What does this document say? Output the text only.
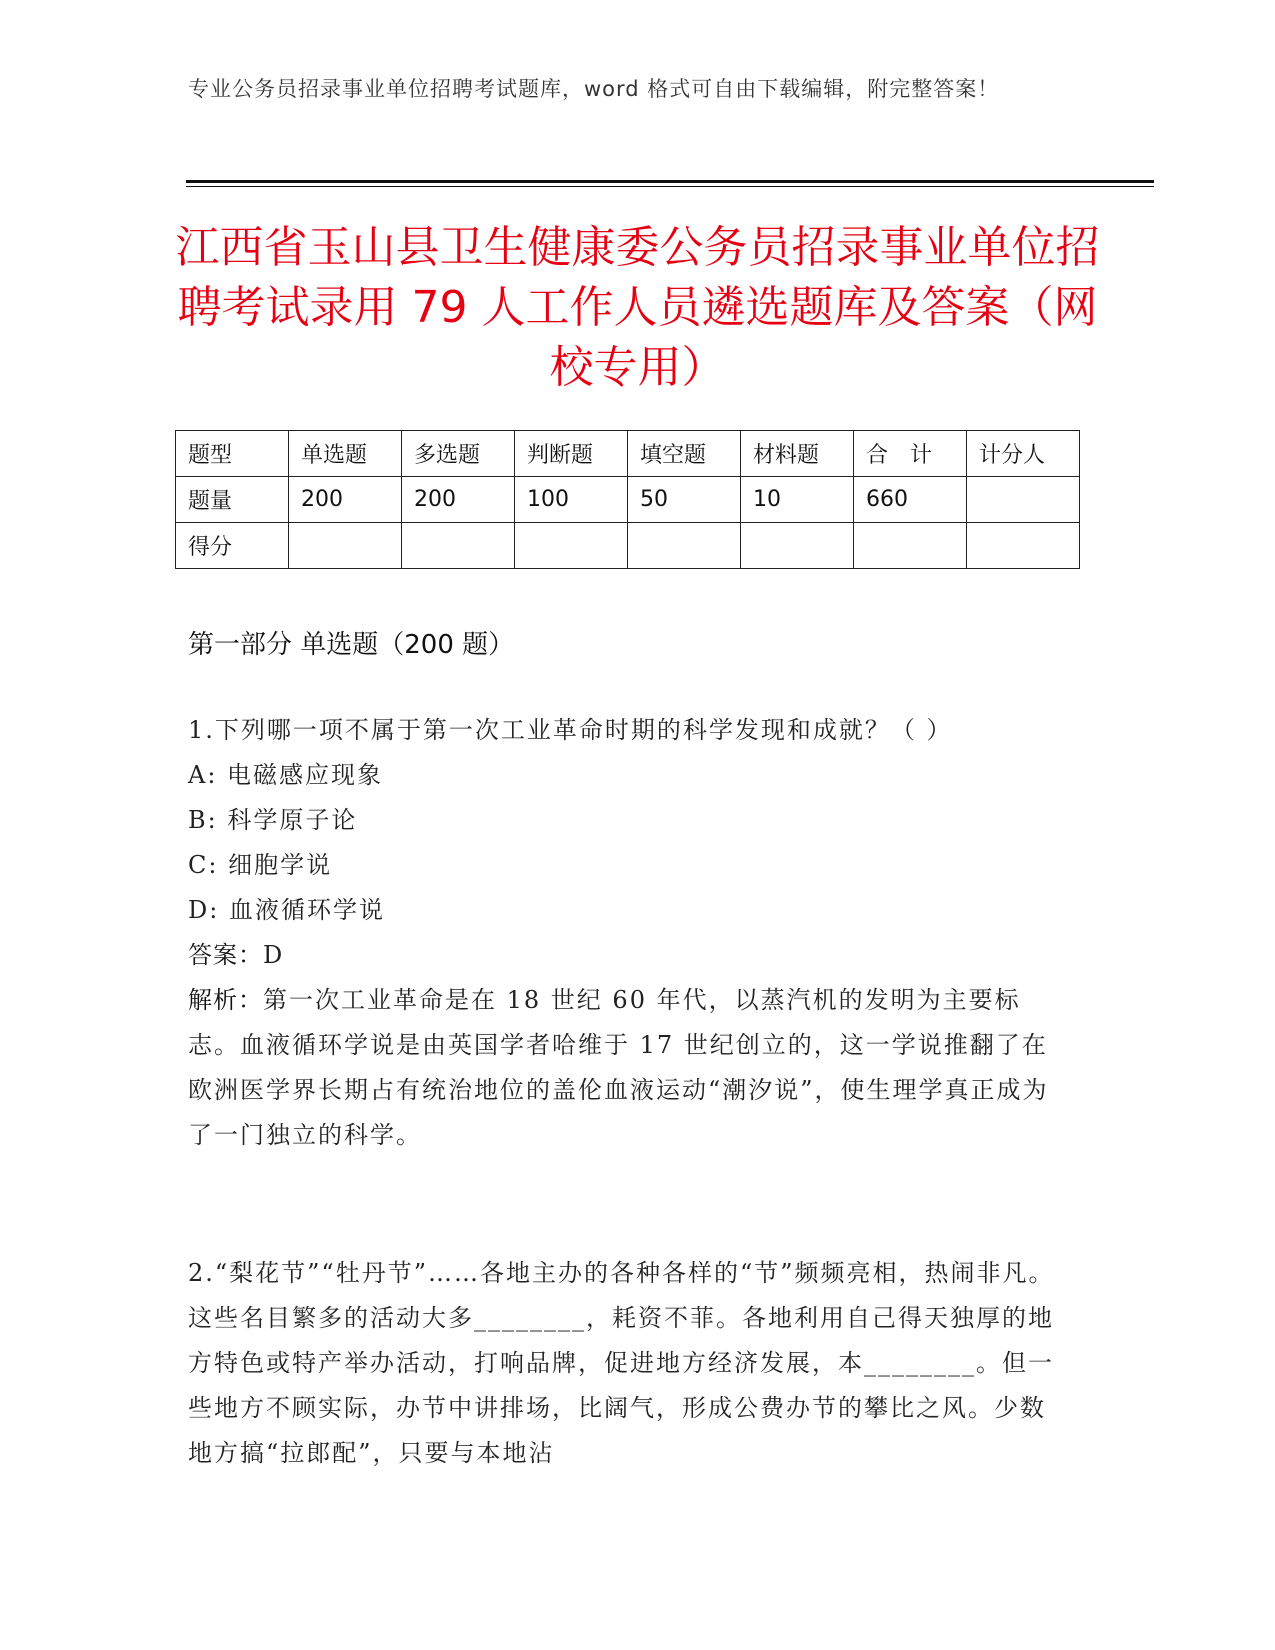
专业公务员招录事业单位招聘考试题库，word 格式可自由下载编辑，附完整答案！
江西省玉山县卫生健康委公务员招录事业单位招聘考试录用 79 人工作人员遴选题库及答案（网校专用）
题型	单选题	多选题	判断题	填空题	材料题	合　计	计分人
题量	200	200	100	50	10	660	
得分							
第一部分 单选题（200 题）
1.下列哪一项不属于第一次工业革命时期的科学发现和成就？（ ）
A: 电磁感应现象
B: 科学原子论
C: 细胞学说
D: 血液循环学说
答案：D
解析：第一次工业革命是在 18 世纪 60 年代，以蒸汽机的发明为主要标志。血液循环学说是由英国学者哈维于 17 世纪创立的，这一学说推翻了在欧洲医学界长期占有统治地位的盖伦血液运动“潮汐说”，使生理学真正成为了一门独立的科学。
2.“梨花节”“牡丹节”……各地主办的各种各样的“节”频频亮相，热闹非凡。这些名目繁多的活动大多________，耗资不菲。各地利用自己得天独厚的地方特色或特产举办活动，打响品牌，促进地方经济发展，本________。但一些地方不顾实际，办节中讲排场，比阔气，形成公费办节的攀比之风。少数地方搞“拉郎配”，只要与本地沾
